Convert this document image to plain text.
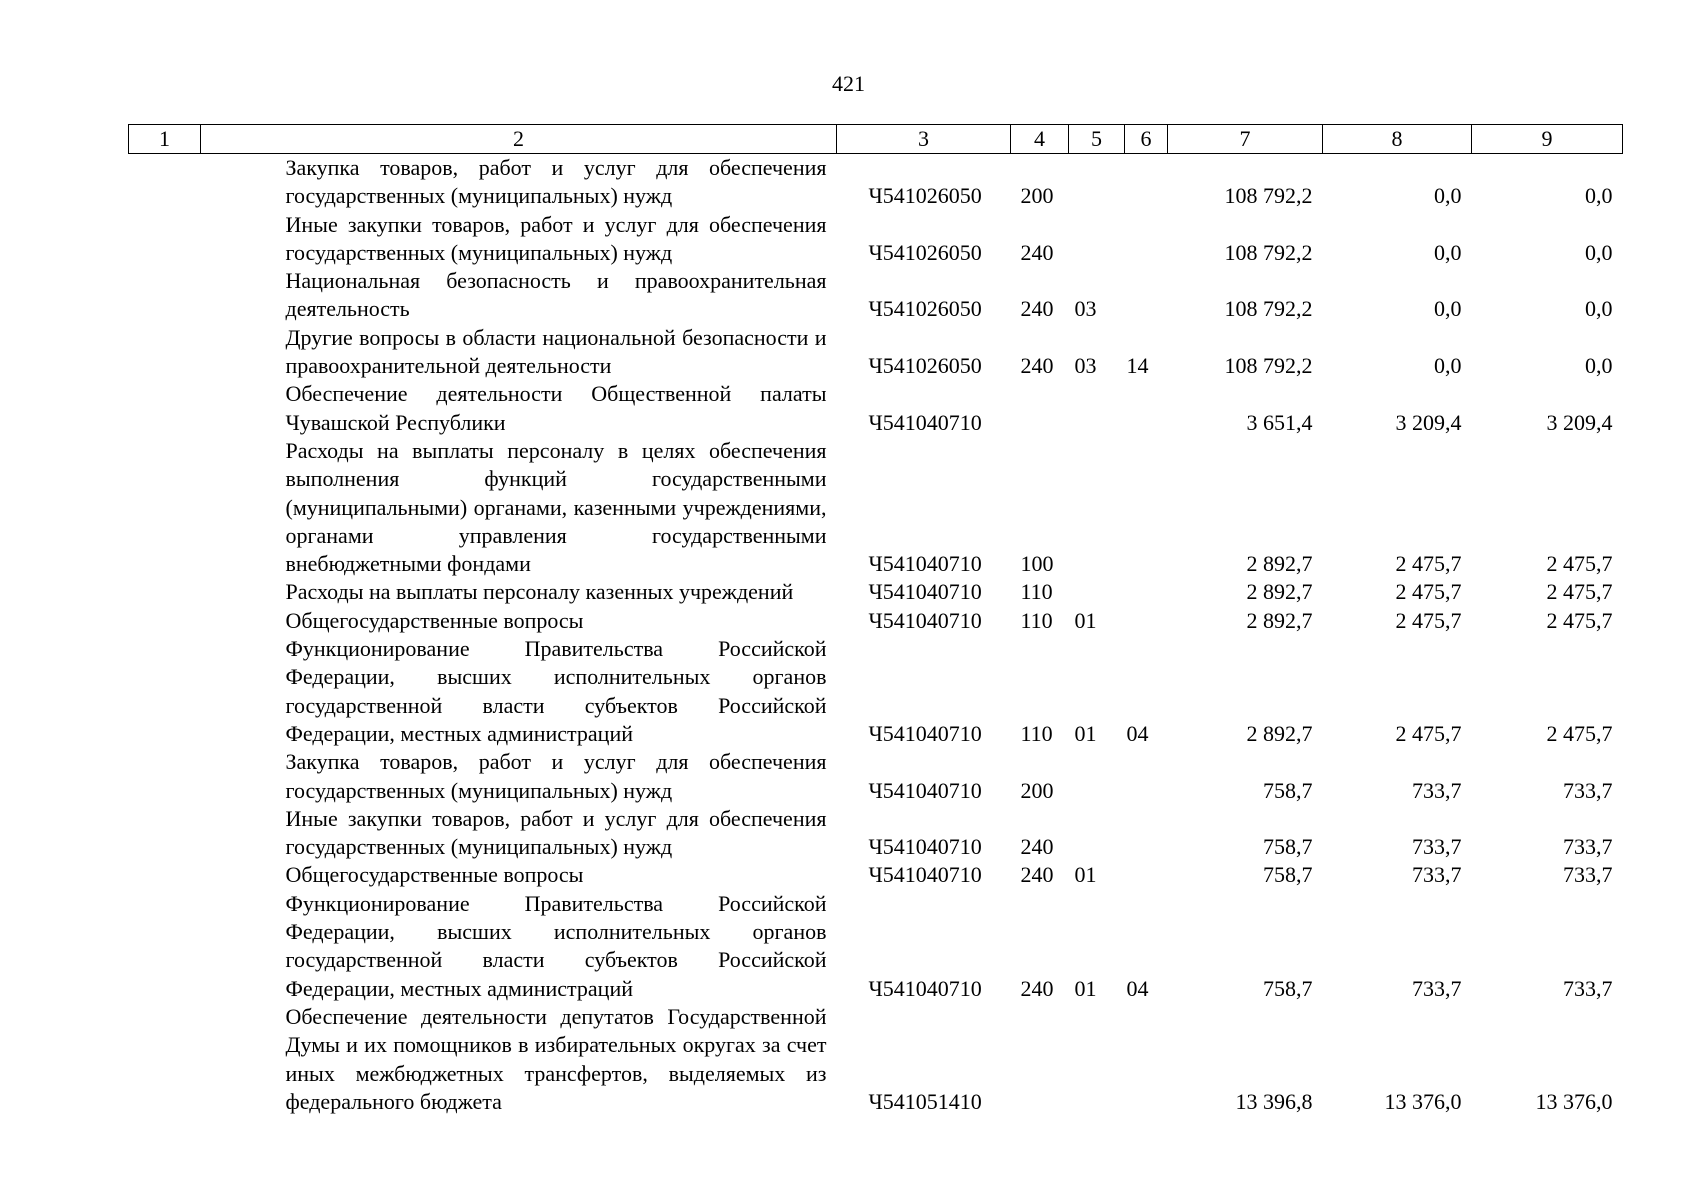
421
1	2	3	4	5	6	7	8	9
	Закупка товаров, работ и услуг для обеспечения государственных (муниципальных) нужд	Ч541026050	200			108 792,2	0,0	0,0
	Иные закупки товаров, работ и услуг для обеспечения государственных (муниципальных) нужд	Ч541026050	240			108 792,2	0,0	0,0
	Национальная безопасность и правоохранительная деятельность	Ч541026050	240	03		108 792,2	0,0	0,0
	Другие вопросы в области национальной безопасности и правоохранительной деятельности	Ч541026050	240	03	14	108 792,2	0,0	0,0
	Обеспечение деятельности Общественной палаты Чувашской Республики	Ч541040710				3 651,4	3 209,4	3 209,4
	Расходы на выплаты персоналу в целях обеспечения выполнения функций государственными (муниципальными) органами, казенными учреждениями, органами управления государственными внебюджетными фондами	Ч541040710	100			2 892,7	2 475,7	2 475,7
	Расходы на выплаты персоналу казенных учреждений	Ч541040710	110			2 892,7	2 475,7	2 475,7
	Общегосударственные вопросы	Ч541040710	110	01		2 892,7	2 475,7	2 475,7
	Функционирование Правительства Российской Федерации, высших исполнительных органов государственной власти субъектов Российской Федерации, местных администраций	Ч541040710	110	01	04	2 892,7	2 475,7	2 475,7
	Закупка товаров, работ и услуг для обеспечения государственных (муниципальных) нужд	Ч541040710	200			758,7	733,7	733,7
	Иные закупки товаров, работ и услуг для обеспечения государственных (муниципальных) нужд	Ч541040710	240			758,7	733,7	733,7
	Общегосударственные вопросы	Ч541040710	240	01		758,7	733,7	733,7
	Функционирование Правительства Российской Федерации, высших исполнительных органов государственной власти субъектов Российской Федерации, местных администраций	Ч541040710	240	01	04	758,7	733,7	733,7
	Обеспечение деятельности депутатов Государственной Думы и их помощников в избирательных округах за счет иных межбюджетных трансфертов, выделяемых из федерального бюджета	Ч541051410				13 396,8	13 376,0	13 376,0
